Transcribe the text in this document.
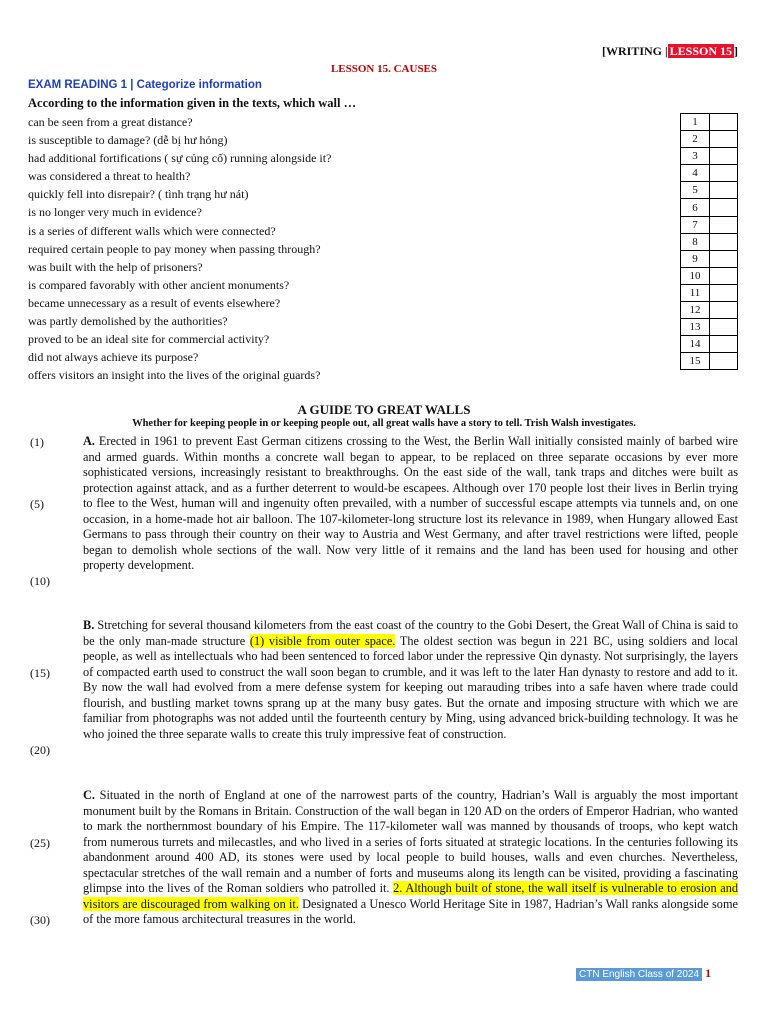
[WRITING | LESSON 15 ]
LESSON 15. CAUSES
EXAM READING 1 | Categorize information
According to the information given in the texts, which wall …
can be seen from a great distance?
is susceptible to damage? (dễ bị hư hỏng)
had additional fortifications ( sự củng cố) running alongside it?
was considered a threat to health?
quickly fell into disrepair? ( tình trạng hư nát)
is no longer very much in evidence?
is a series of different walls which were connected?
required certain people to pay money when passing through?
was built with the help of prisoners?
is compared favorably with other ancient monuments?
became unnecessary as a result of events elsewhere?
was partly demolished by the authorities?
proved to be an ideal site for commercial activity?
did not always achieve its purpose?
offers visitors an insight into the lives of the original guards?
1	
2	
3	
4	
5	
6	
7	
8	
9	
10	
11	
12	
13	
14	
15	
A GUIDE TO GREAT WALLS
Whether for keeping people in or keeping people out, all great walls have a story to tell. Trish Walsh investigates.
(1)
(5)
(10)
(15)
(20)
(25)
(30)
A. Erected in 1961 to prevent East German citizens crossing to the West, the Berlin Wall initially consisted mainly of barbed wire and armed guards. Within months a concrete wall began to appear, to be replaced on three separate occasions by ever more sophisticated versions, increasingly resistant to breakthroughs. On the east side of the wall, tank traps and ditches were built as protection against attack, and as a further deterrent to would-be escapees. Although over 170 people lost their lives in Berlin trying to flee to the West, human will and ingenuity often prevailed, with a number of successful escape attempts via tunnels and, on one occasion, in a home-made hot air balloon. The 107-kilometer-long structure lost its relevance in 1989, when Hungary allowed East Germans to pass through their country on their way to Austria and West Germany, and after travel restrictions were lifted, people began to demolish whole sections of the wall. Now very little of it remains and the land has been used for housing and other property development.
B. Stretching for several thousand kilometers from the east coast of the country to the Gobi Desert, the Great Wall of China is said to be the only man-made structure (1) visible from outer space. The oldest section was begun in 221 BC, using soldiers and local people, as well as intellectuals who had been sentenced to forced labor under the repressive Qin dynasty. Not surprisingly, the layers of compacted earth used to construct the wall soon began to crumble, and it was left to the later Han dynasty to restore and add to it. By now the wall had evolved from a mere defense system for keeping out marauding tribes into a safe haven where trade could flourish, and bustling market towns sprang up at the many busy gates. But the ornate and imposing structure with which we are familiar from photographs was not added until the fourteenth century by Ming, using advanced brick-building technology. It was he who joined the three separate walls to create this truly impressive feat of construction.
C. Situated in the north of England at one of the narrowest parts of the country, Hadrian’s Wall is arguably the most important monument built by the Romans in Britain. Construction of the wall began in 120 AD on the orders of Emperor Hadrian, who wanted to mark the northernmost boundary of his Empire. The 117-kilometer wall was manned by thousands of troops, who kept watch from numerous turrets and milecastles, and who lived in a series of forts situated at strategic locations. In the centuries following its abandonment around 400 AD, its stones were used by local people to build houses, walls and even churches. Nevertheless, spectacular stretches of the wall remain and a number of forts and museums along its length can be visited, providing a fascinating glimpse into the lives of the Roman soldiers who patrolled it. 2. Although built of stone, the wall itself is vulnerable to erosion and visitors are discouraged from walking on it. Designated a Unesco World Heritage Site in 1987, Hadrian’s Wall ranks alongside some of the more famous architectural treasures in the world.
CTN English Class of 2024 1
